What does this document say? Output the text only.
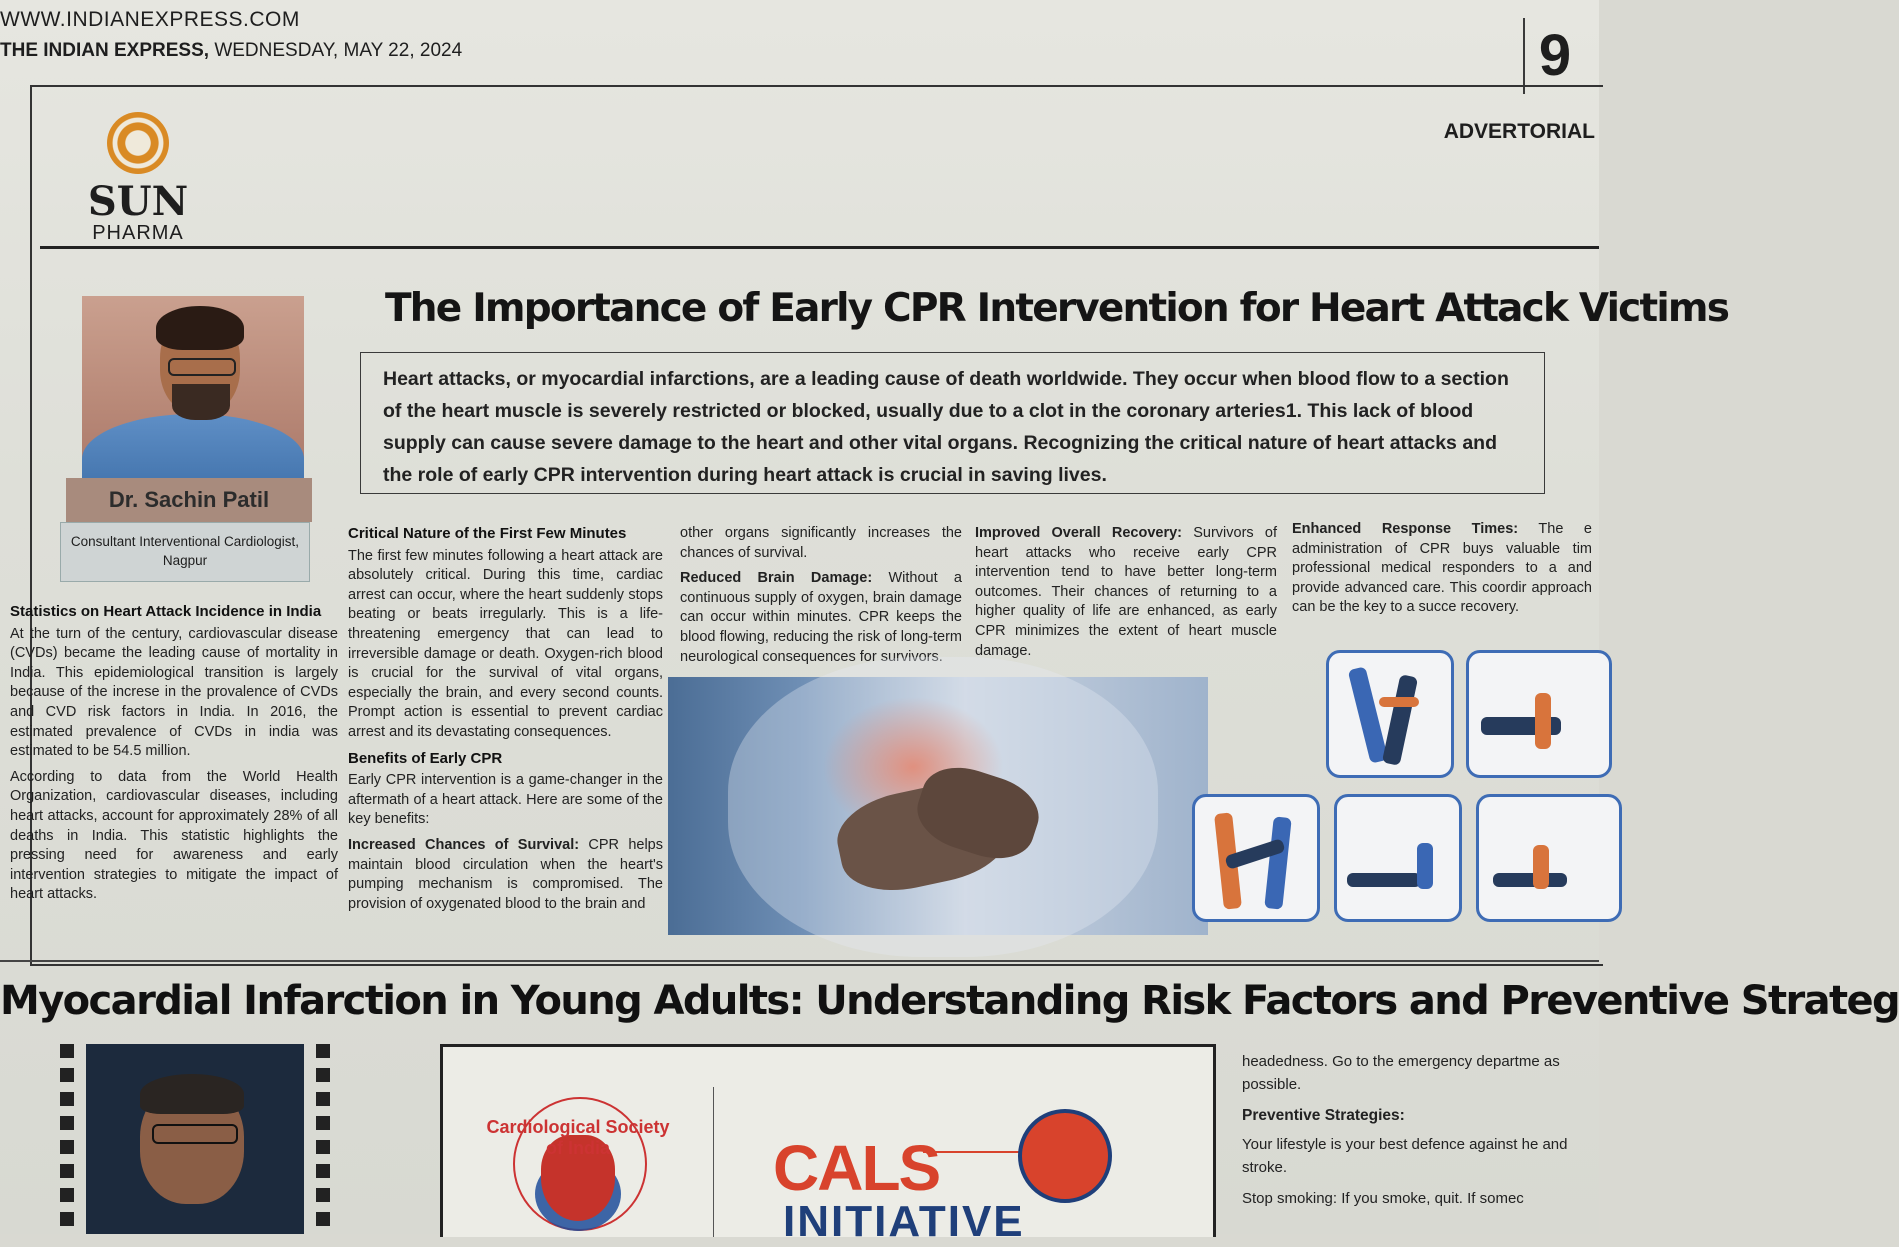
WWW.INDIANEXPRESS.COM
THE INDIAN EXPRESS, WEDNESDAY, MAY 22, 2024	9
ADVERTORIAL
SUN
PHARMA
The Importance of Early CPR Intervention for Heart Attack Victims
Heart attacks, or myocardial infarctions, are a leading cause of death worldwide. They occur when blood flow to a section of the heart muscle is severely restricted or blocked, usually due to a clot in the coronary arteries1. This lack of blood supply can cause severe damage to the heart and other vital organs. Recognizing the critical nature of heart attacks and the role of early CPR intervention during heart attack is crucial in saving lives.
Dr. Sachin Patil
Consultant Interventional Cardiologist,
Nagpur
Statistics on Heart Attack Incidence in India

At the turn of the century, cardiovascular disease (CVDs) became the leading cause of mortality in India. This epidemiological transition is largely because of the increse in the provalence of CVDs and CVD risk factors in India. In 2016, the estimated prevalence of CVDs in india was estimated to be 54.5 million.

According to data from the World Health Organization, cardiovascular diseases, including heart attacks, account for approximately 28% of all deaths in India. This statistic highlights the pressing need for awareness and early intervention strategies to mitigate the impact of heart attacks.

Critical Nature of the First Few Minutes

The first few minutes following a heart attack are absolutely critical. During this time, cardiac arrest can occur, where the heart suddenly stops beating or beats irregularly. This is a life-threatening emergency that can lead to irreversible damage or death. Oxygen-rich blood is crucial for the survival of vital organs, especially the brain, and every second counts. Prompt action is essential to prevent cardiac arrest and its devastating consequences.

Benefits of Early CPR

Early CPR intervention is a game-changer in the aftermath of a heart attack. Here are some of the key benefits:

Increased Chances of Survival: CPR helps maintain blood circulation when the heart's pumping mechanism is compromised. The provision of oxygenated blood to the brain and

other organs significantly increases the chances of survival.

Reduced Brain Damage: Without a continuous supply of oxygen, brain damage can occur within minutes. CPR keeps the blood flowing, reducing the risk of long-term neurological consequences for survivors.

Improved Overall Recovery: Survivors of heart attacks who receive early CPR intervention tend to have better long-term outcomes. Their chances of returning to a higher quality of life are enhanced, as early CPR minimizes the extent of heart muscle damage.

Enhanced Response Times: The e administration of CPR buys valuable tim professional medical responders to a and provide advanced care. This coordir approach can be the key to a succe recovery.

Myocardial Infarction in Young Adults: Understanding Risk Factors and Preventive Strateg
Cardiological Society of India	CALS
INITIATIVE

headedness. Go to the emergency departme as possible.

Preventive Strategies:

Your lifestyle is your best defence against he and stroke.

Stop smoking: If you smoke, quit. If somec
